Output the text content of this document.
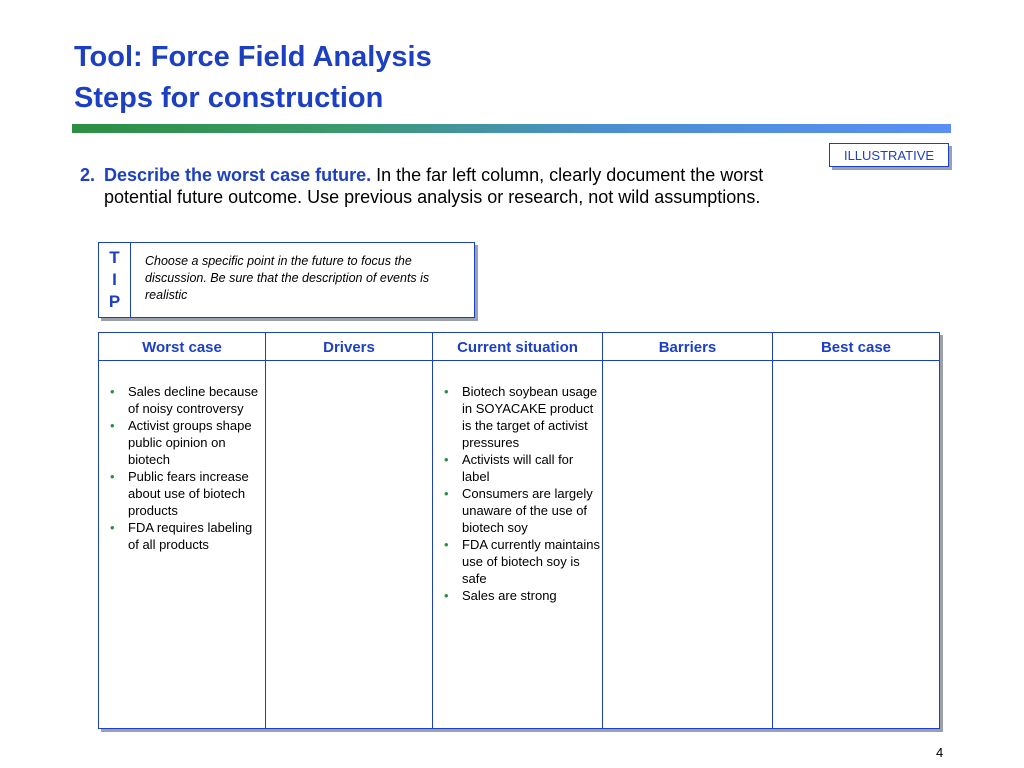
Tool: Force Field Analysis
Steps for construction
ILLUSTRATIVE
2. Describe the worst case future. In the far left column, clearly document the worst potential future outcome. Use previous analysis or research, not wild assumptions.
T
I
P
Choose a specific point in the future to focus the discussion. Be sure that the description of events is realistic
Worst case
• Sales decline because of noisy controversy
• Activist groups shape public opinion on biotech
• Public fears increase about use of biotech products
• FDA requires labeling of all products
Drivers	Current situation
• Biotech soybean usage in SOYACAKE product is the target of activist pressures
• Activists will call for label
• Consumers are largely unaware of the use of biotech soy
• FDA currently maintains use of biotech soy is safe
• Sales are strong
Barriers	Best case
4
